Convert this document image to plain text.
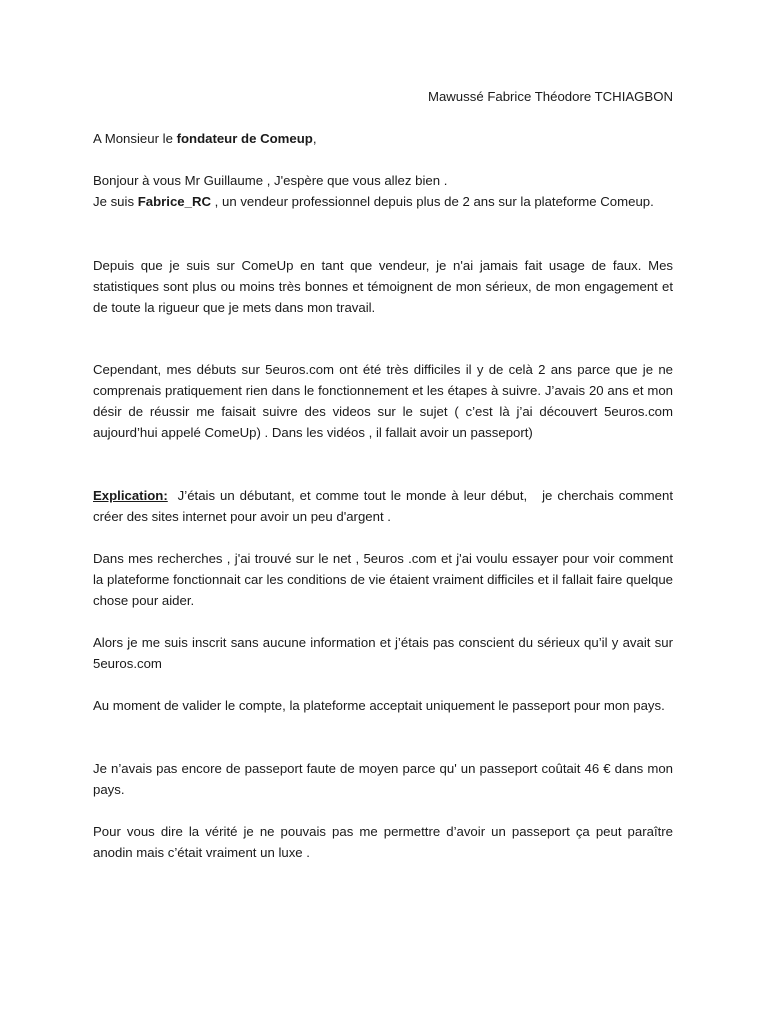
Mawussé Fabrice Théodore TCHIAGBON

A Monsieur le fondateur de Comeup,

Bonjour à vous Mr Guillaume , J'espère que vous allez bien .

Je suis Fabrice_RC , un vendeur professionnel depuis plus de 2 ans sur la plateforme Comeup.

Depuis que je suis sur ComeUp en tant que vendeur, je n'ai jamais fait usage de faux. Mes statistiques sont plus ou moins très bonnes et témoignent de mon sérieux, de mon engagement et de toute la rigueur que je mets dans mon travail.

Cependant, mes débuts sur 5euros.com ont été très difficiles il y de celà 2 ans parce que je ne comprenais pratiquement rien dans le fonctionnement et les étapes à suivre. J’avais 20 ans et mon désir de réussir me faisait suivre des videos sur le sujet ( c’est là j’ai découvert 5euros.com aujourd’hui appelé ComeUp) . Dans les vidéos , il fallait avoir un passeport)

Explication:  J’étais un débutant, et comme tout le monde à leur début,   je cherchais comment créer des sites internet pour avoir un peu d'argent .

Dans mes recherches , j'ai trouvé sur le net , 5euros .com et j'ai voulu essayer pour voir comment la plateforme fonctionnait car les conditions de vie étaient vraiment difficiles et il fallait faire quelque chose pour aider.

Alors je me suis inscrit sans aucune information et j’étais pas conscient du sérieux qu’il y avait sur 5euros.com

Au moment de valider le compte, la plateforme acceptait uniquement le passeport pour mon pays.

Je n’avais pas encore de passeport faute de moyen parce qu' un passeport coûtait 46 € dans mon pays.

Pour vous dire la vérité je ne pouvais pas me permettre d’avoir un passeport ça peut paraître anodin mais c’était vraiment un luxe .
